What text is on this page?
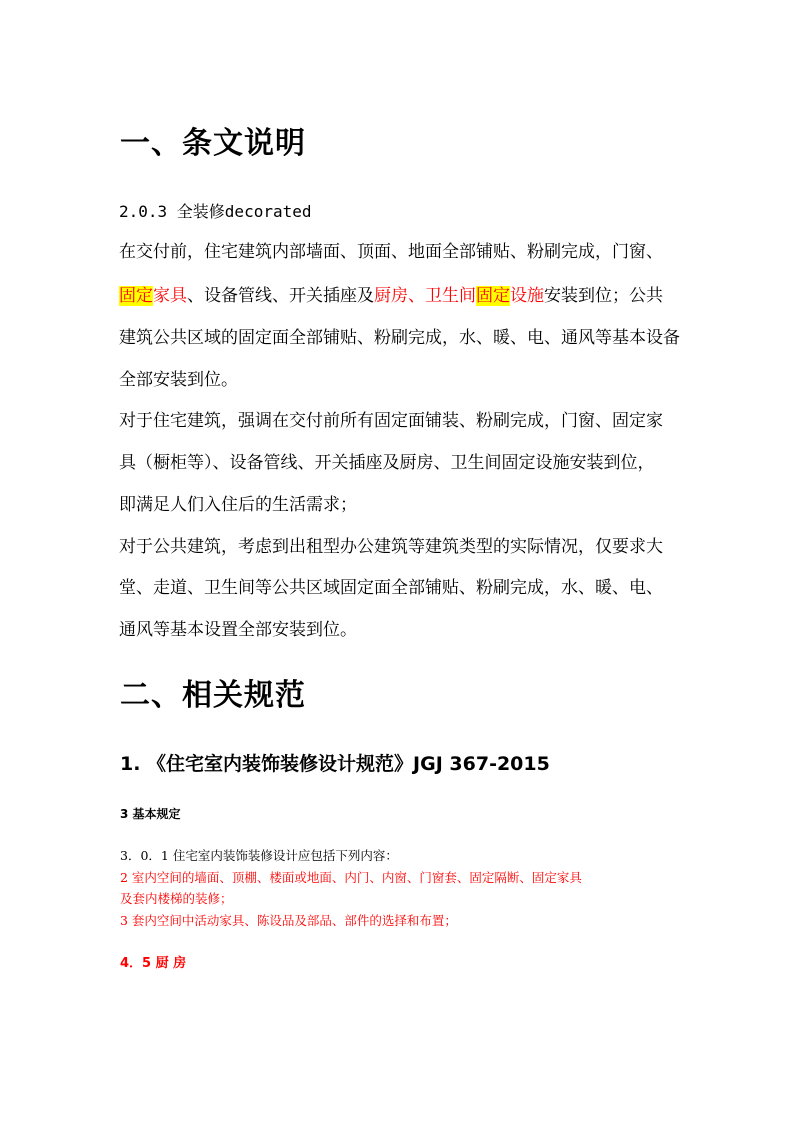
一、条文说明
2.0.3 全装修decorated
在交付前，住宅建筑内部墙面、顶面、地面全部铺贴、粉刷完成，门窗、
固定家具、设备管线、开关插座及厨房、卫生间固定设施安装到位；公共
建筑公共区域的固定面全部铺贴、粉刷完成，水、暖、电、通风等基本设备
全部安装到位。
对于住宅建筑，强调在交付前所有固定面铺装、粉刷完成，门窗、固定家
具（橱柜等）、设备管线、开关插座及厨房、卫生间固定设施安装到位，
即满足人们入住后的生活需求；
对于公共建筑，考虑到出租型办公建筑等建筑类型的实际情况，仅要求大
堂、走道、卫生间等公共区域固定面全部铺贴、粉刷完成，水、暖、电、
通风等基本设置全部安装到位。
二、相关规范
1. 《住宅室内装饰装修设计规范》JGJ 367-2015
3 基本规定
3．0．1 住宅室内装饰装修设计应包括下列内容：
2 室内空间的墙面、顶棚、楼面或地面、内门、内窗、门窗套、固定隔断、固定家具
及套内楼梯的装修；
3 套内空间中活动家具、陈设品及部品、部件的选择和布置；
4．5 厨 房
